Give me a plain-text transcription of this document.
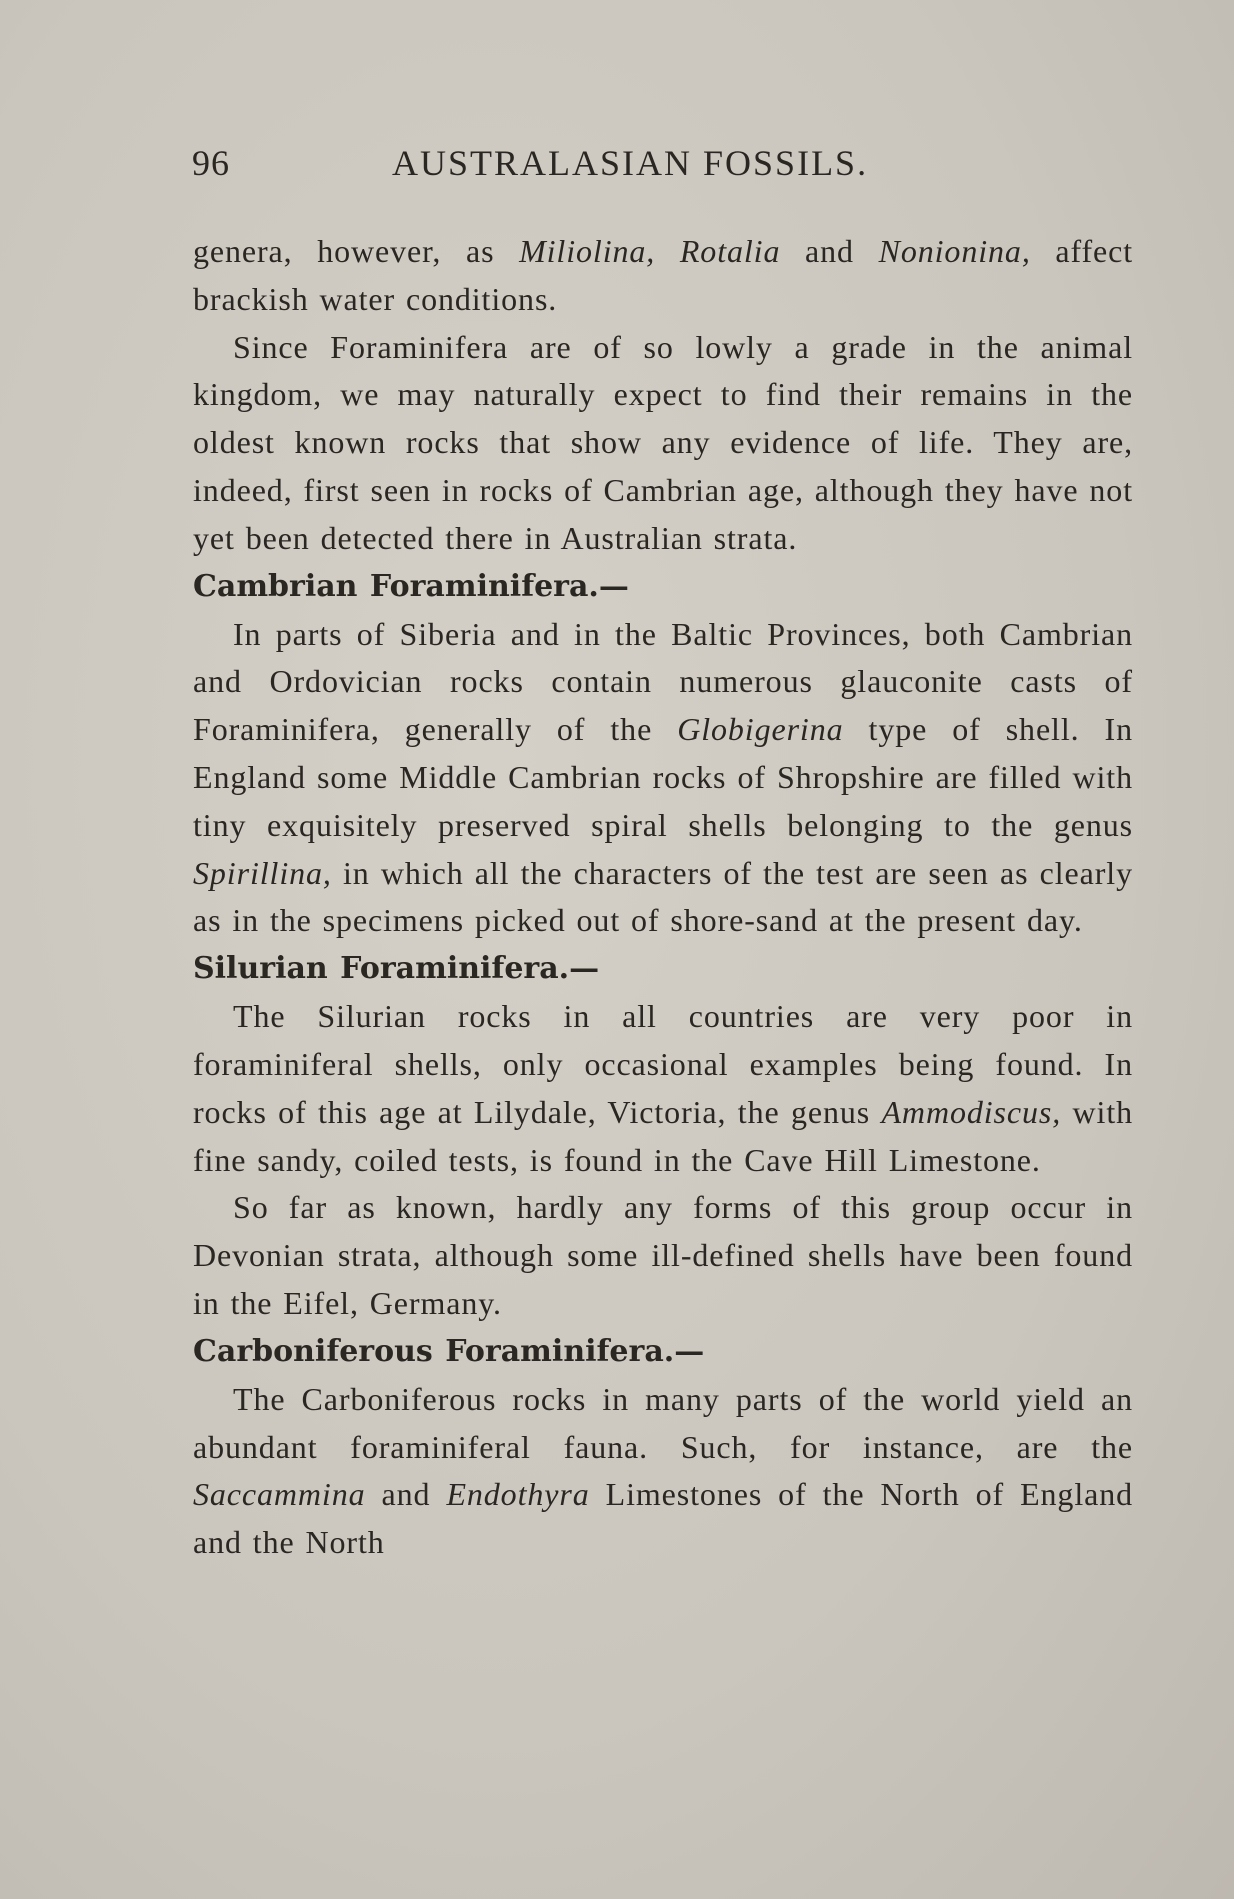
96	AUSTRALASIAN FOSSILS.

genera, however, as Miliolina, Rotalia and Nonionina, affect brackish water conditions.

Since Foraminifera are of so lowly a grade in the animal kingdom, we may naturally expect to find their remains in the oldest known rocks that show any evidence of life. They are, indeed, first seen in rocks of Cambrian age, although they have not yet been detected there in Australian strata.

Cambrian Foraminifera.—

In parts of Siberia and in the Baltic Provinces, both Cambrian and Ordovician rocks contain numerous glauconite casts of Foraminifera, generally of the Globigerina type of shell. In England some Middle Cambrian rocks of Shropshire are filled with tiny exquisitely preserved spiral shells belonging to the genus Spirillina, in which all the characters of the test are seen as clearly as in the specimens picked out of shore-sand at the present day.

Silurian Foraminifera.—

The Silurian rocks in all countries are very poor in foraminiferal shells, only occasional examples being found. In rocks of this age at Lilydale, Victoria, the genus Ammodiscus, with fine sandy, coiled tests, is found in the Cave Hill Limestone.

So far as known, hardly any forms of this group occur in Devonian strata, although some ill-defined shells have been found in the Eifel, Germany.

Carboniferous Foraminifera.—

The Carboniferous rocks in many parts of the world yield an abundant foraminiferal fauna. Such, for instance, are the Saccammina and Endothyra Limestones of the North of England and the North
